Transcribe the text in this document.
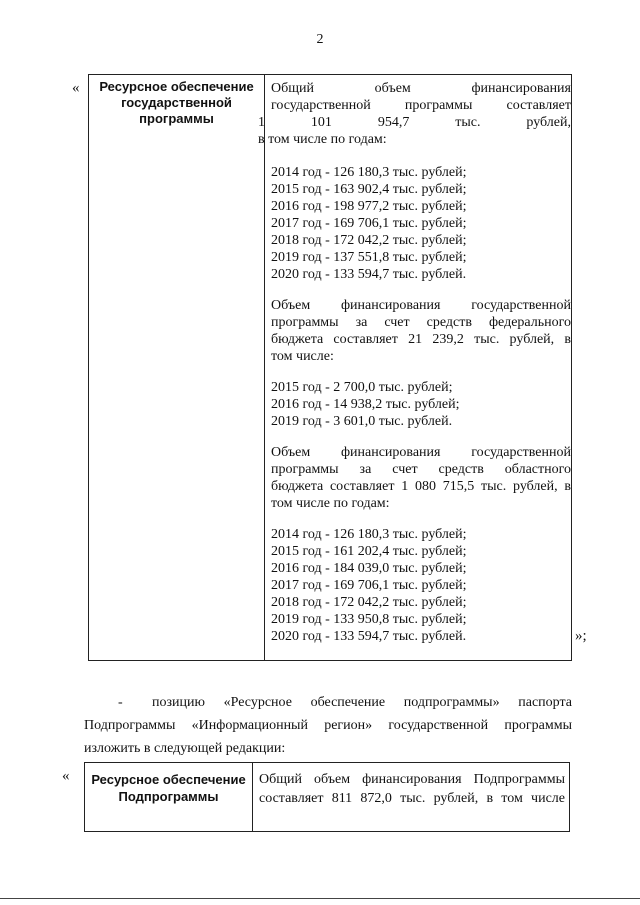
2
«
»;
Ресурсное обеспечение
государственной
программы
Общий объем финансирования
государственной программы составляет
1 101 954,7 тыс. рублей,
в том числе по годам:
2014 год - 126 180,3 тыс. рублей;
2015 год - 163 902,4 тыс. рублей;
2016 год - 198 977,2 тыс. рублей;
2017 год - 169 706,1 тыс. рублей;
2018 год - 172 042,2 тыс. рублей;
2019 год - 137 551,8 тыс. рублей;
2020 год - 133 594,7 тыс. рублей.
Объем финансирования государственной
программы за счет средств федерального
бюджета составляет 21 239,2 тыс. рублей, в
том числе:
2015 год - 2 700,0 тыс. рублей;
2016 год - 14 938,2 тыс. рублей;
2019 год - 3 601,0 тыс. рублей.
Объем финансирования государственной
программы за счет средств областного
бюджета составляет 1 080 715,5 тыс. рублей, в
том числе по годам:
2014 год - 126 180,3 тыс. рублей;
2015 год - 161 202,4 тыс. рублей;
2016 год - 184 039,0 тыс. рублей;
2017 год - 169 706,1 тыс. рублей;
2018 год - 172 042,2 тыс. рублей;
2019 год - 133 950,8 тыс. рублей;
2020 год - 133 594,7 тыс. рублей.
- позицию «Ресурсное обеспечение подпрограммы» паспорта
Подпрограммы «Информационный регион» государственной программы
изложить в следующей редакции:
«	Ресурсное обеспечение
Подпрограммы
Общий объем финансирования Подпрограммы
составляет 811 872,0 тыс. рублей, в том числе
